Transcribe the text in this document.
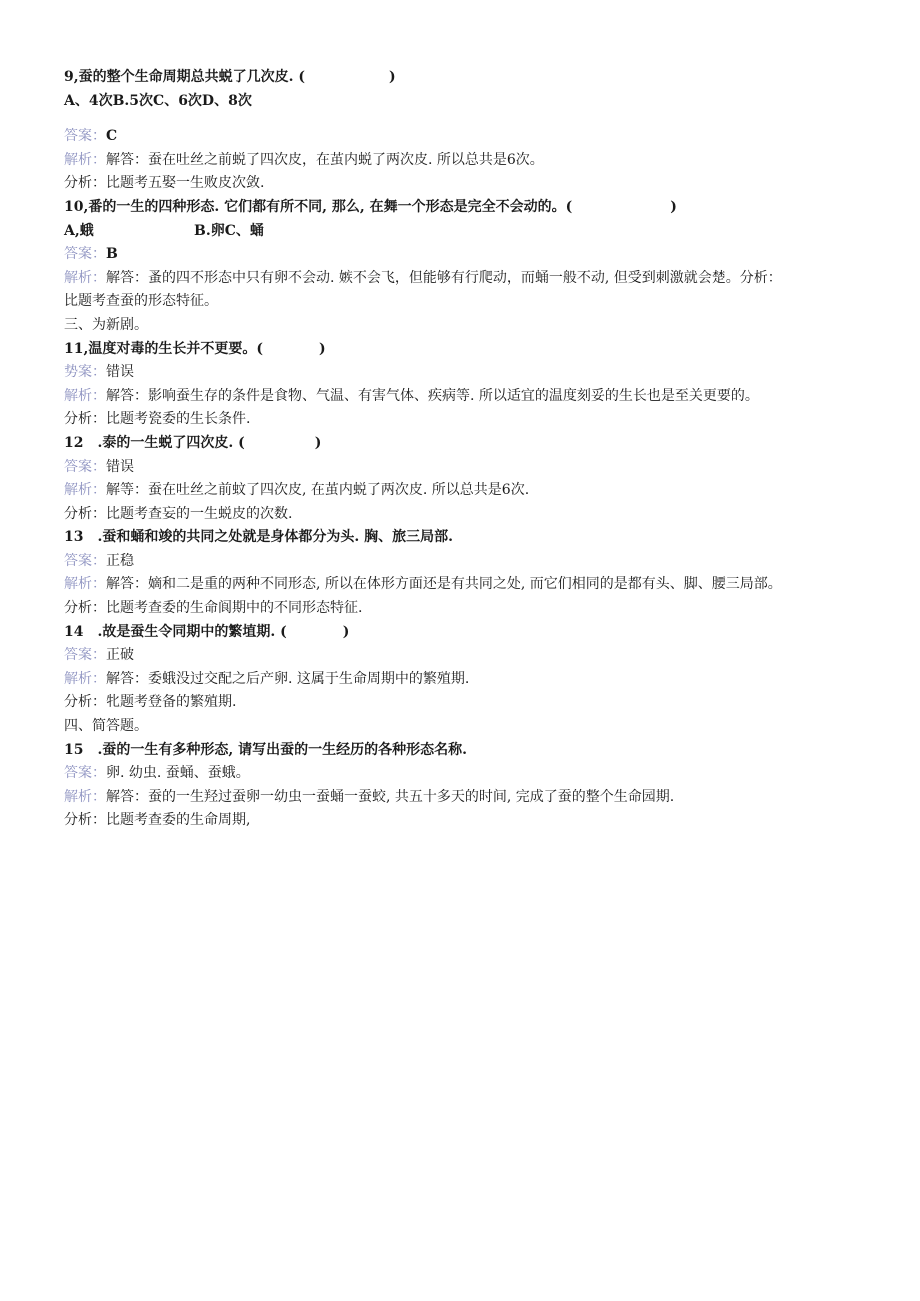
9,蚕的整个生命周期总共蜕了几次皮. (　　　　　　)
A、4次B.5次C、6次D、8次
答案：C
解析：解答：蚕在吐丝之前蜕了四次皮，在茧内蜕了两次皮. 所以总共是6次。
分析：比题考五娶一生败皮次敛.
10,番的一生的四种形态. 它们都有所不同, 那么, 在舞一个形态是完全不会动的。(　　　　　　　)
A,蛾	B.卵C、蛹
答案：B
解析：解答：蚤的四不形态中只有卵不会动. 嫉不会飞，但能够有行爬动，而蛹一般不动, 但受到刺激就会楚。分析：
比题考查蚕的形态特征。
三、为新剧。
11,温度对毒的生长并不更要。(　　　　)
势案：错误
解析：解答：影响蚕生存的条件是食物、气温、有害气体、疾病等. 所以适宜的温度刻妥的生长也是至关更要的。
分析：比题考瓷委的生长条件.
12　.泰的一生蜕了四次皮. (　　　　　)
答案：错误
解析：解等：蚕在吐丝之前蚊了四次皮, 在茧内蜕了两次皮. 所以总共是6次.
分析：比题考查妄的一生蜕皮的次数.
13　.蚕和蛹和竣的共同之处就是身体都分为头. 胸、旅三局部.
答案：正稳
解析：解答：嫡和二是重的两种不同形态, 所以在体形方面还是有共同之处, 而它们相同的是都有头、脚、腰三局部。
分析：比题考查委的生命阆期中的不同形态特征.
14　.故是蚕生令同期中的繁埴期. (　　　　)
答案：正破
解析：解答：委蛾没过交配之后产卵. 这属于生命周期中的繁殖期.
分析：牝题考登备的繁殖期.
四、简答题。
15　.蚕的一生有多种形态, 请写出蚕的一生经历的各种形态名称.
答案：卵. 幼虫. 蚕蛹、蚕蛾。
解析：解答：蚕的一生羟过蚕卵一幼虫一蚕蛹一蚕蛟, 共五十多天的时间, 完成了蚕的整个生命园期.
分析：比题考查委的生命周期,
